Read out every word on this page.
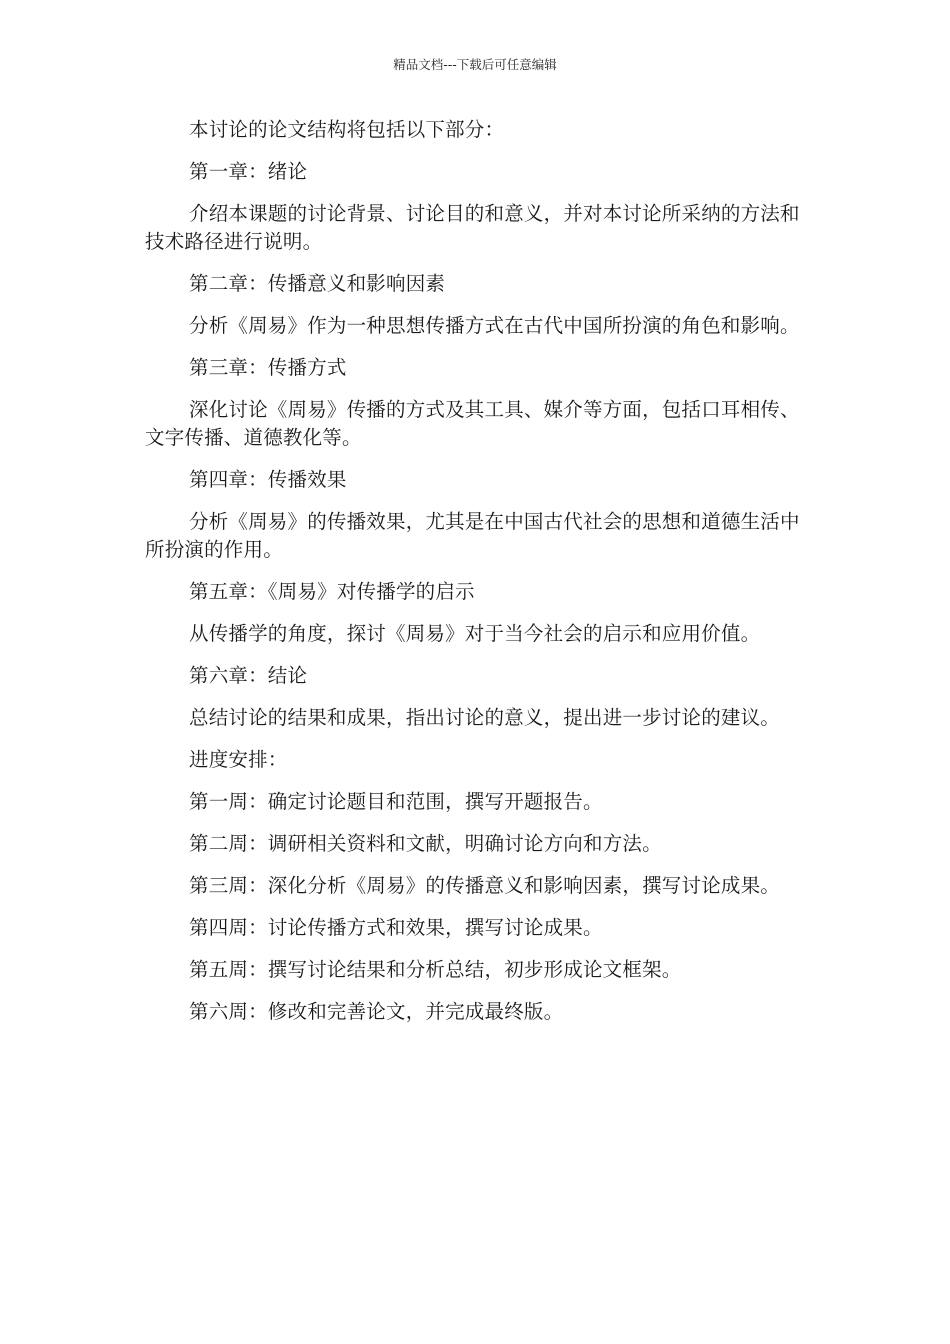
精品文档---下载后可任意编辑

本讨论的论文结构将包括以下部分：

第一章：绪论

介绍本课题的讨论背景、讨论目的和意义，并对本讨论所采纳的方法和技术路径进行说明。

第二章：传播意义和影响因素

分析《周易》作为一种思想传播方式在古代中国所扮演的角色和影响。

第三章：传播方式

深化讨论《周易》传播的方式及其工具、媒介等方面，包括口耳相传、文字传播、道德教化等。

第四章：传播效果

分析《周易》的传播效果，尤其是在中国古代社会的思想和道德生活中所扮演的作用。

第五章：《周易》对传播学的启示

从传播学的角度，探讨《周易》对于当今社会的启示和应用价值。

第六章：结论

总结讨论的结果和成果，指出讨论的意义，提出进一步讨论的建议。

进度安排：

第一周：确定讨论题目和范围，撰写开题报告。

第二周：调研相关资料和文献，明确讨论方向和方法。

第三周：深化分析《周易》的传播意义和影响因素，撰写讨论成果。

第四周：讨论传播方式和效果，撰写讨论成果。

第五周：撰写讨论结果和分析总结，初步形成论文框架。

第六周：修改和完善论文，并完成最终版。
